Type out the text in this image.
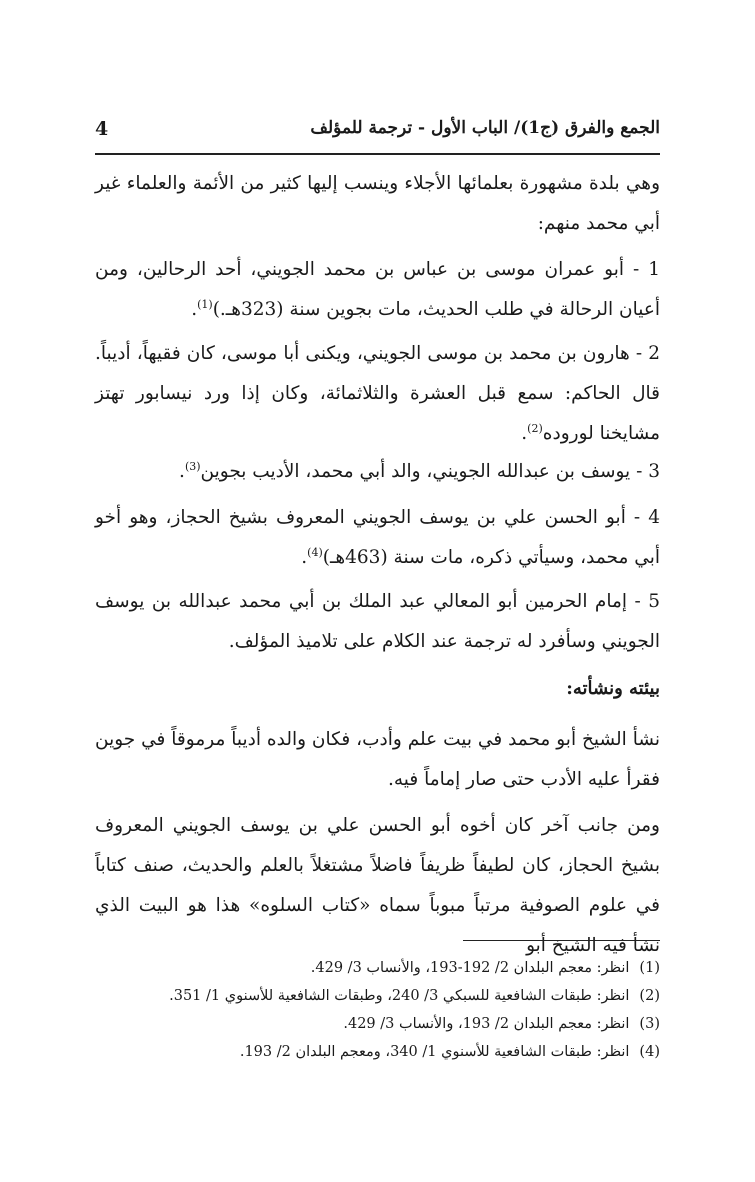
4	الجمع والفرق (ج1)/ الباب الأول - ترجمة للمؤلف
وهي بلدة مشهورة بعلمائها الأجلاء وينسب إليها كثير من الأئمة والعلماء غير أبي محمد منهم:
1 - أبو عمران موسى بن عباس بن محمد الجويني، أحد الرحالين، ومن أعيان الرحالة في طلب الحديث، مات بجوين سنة (323هـ.)$^{(1)}$.
2 - هارون بن محمد بن موسى الجويني، ويكنى أبا موسى، كان فقيهاً، أديباً. قال الحاكم: سمع قبل العشرة والثلاثمائة، وكان إذا ورد نيسابور تهتز مشايخنا لوروده$^{(2)}$.
3 - يوسف بن عبدالله الجويني، والد أبي محمد، الأديب بجوين$^{(3)}$.
4 - أبو الحسن علي بن يوسف الجويني المعروف بشيخ الحجاز، وهو أخو أبي محمد، وسيأتي ذكره، مات سنة (463هـ)$^{(4)}$.
5 - إمام الحرمين أبو المعالي عبد الملك بن أبي محمد عبدالله بن يوسف الجويني وسأفرد له ترجمة عند الكلام على تلاميذ المؤلف.
بيئته ونشأته:
نشأ الشيخ أبو محمد في بيت علم وأدب، فكان والده أديباً مرموقاً في جوين فقرأ عليه الأدب حتى صار إماماً فيه.
ومن جانب آخر كان أخوه أبو الحسن علي بن يوسف الجويني المعروف بشيخ الحجاز، كان لطيفاً ظريفاً فاضلاً مشتغلاً بالعلم والحديث، صنف كتاباً في علوم الصوفية مرتباً مبوباً سماه «كتاب السلوه» هذا هو البيت الذي نشأ فيه الشيخ أبو
(1)انظر: معجم البلدان 2/ 192-193، والأنساب 3/ 429.
(2)انظر: طبقات الشافعية للسبكي 3/ 240، وطبقات الشافعية للأسنوي 1/ 351.
(3)انظر: معجم البلدان 2/ 193، والأنساب 3/ 429.
(4)انظر: طبقات الشافعية للأسنوي 1/ 340، ومعجم البلدان 2/ 193.
